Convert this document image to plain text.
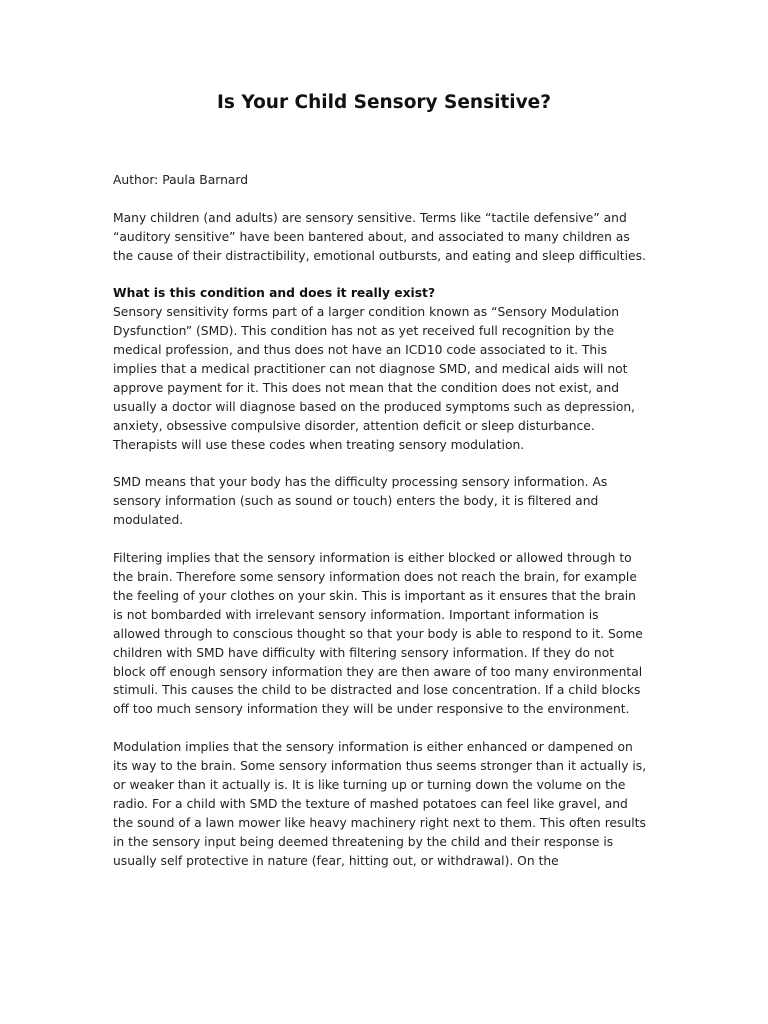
Is Your Child Sensory Sensitive?

Author: Paula Barnard

Many children (and adults) are sensory sensitive. Terms like “tactile defensive” and “auditory sensitive” have been bantered about, and associated to many children as the cause of their distractibility, emotional outbursts, and eating and sleep difficulties.

What is this condition and does it really exist?

Sensory sensitivity forms part of a larger condition known as “Sensory Modulation Dysfunction” (SMD). This condition has not as yet received full recognition by the medical profession, and thus does not have an ICD10 code associated to it. This implies that a medical practitioner can not diagnose SMD, and medical aids will not approve payment for it. This does not mean that the condition does not exist, and usually a doctor will diagnose based on the produced symptoms such as depression, anxiety, obsessive compulsive disorder, attention deficit or sleep disturbance. Therapists will use these codes when treating sensory modulation.

SMD means that your body has the difficulty processing sensory information. As sensory information (such as sound or touch) enters the body, it is filtered and modulated.

Filtering implies that the sensory information is either blocked or allowed through to the brain. Therefore some sensory information does not reach the brain, for example the feeling of your clothes on your skin. This is important as it ensures that the brain is not bombarded with irrelevant sensory information. Important information is allowed through to conscious thought so that your body is able to respond to it. Some children with SMD have difficulty with filtering sensory information. If they do not block off enough sensory information they are then aware of too many environmental stimuli. This causes the child to be distracted and lose concentration. If a child blocks off too much sensory information they will be under responsive to the environment.

Modulation implies that the sensory information is either enhanced or dampened on its way to the brain. Some sensory information thus seems stronger than it actually is, or weaker than it actually is. It is like turning up or turning down the volume on the radio. For a child with SMD the texture of mashed potatoes can feel like gravel, and the sound of a lawn mower like heavy machinery right next to them. This often results in the sensory input being deemed threatening by the child and their response is usually self protective in nature (fear, hitting out, or withdrawal). On the
